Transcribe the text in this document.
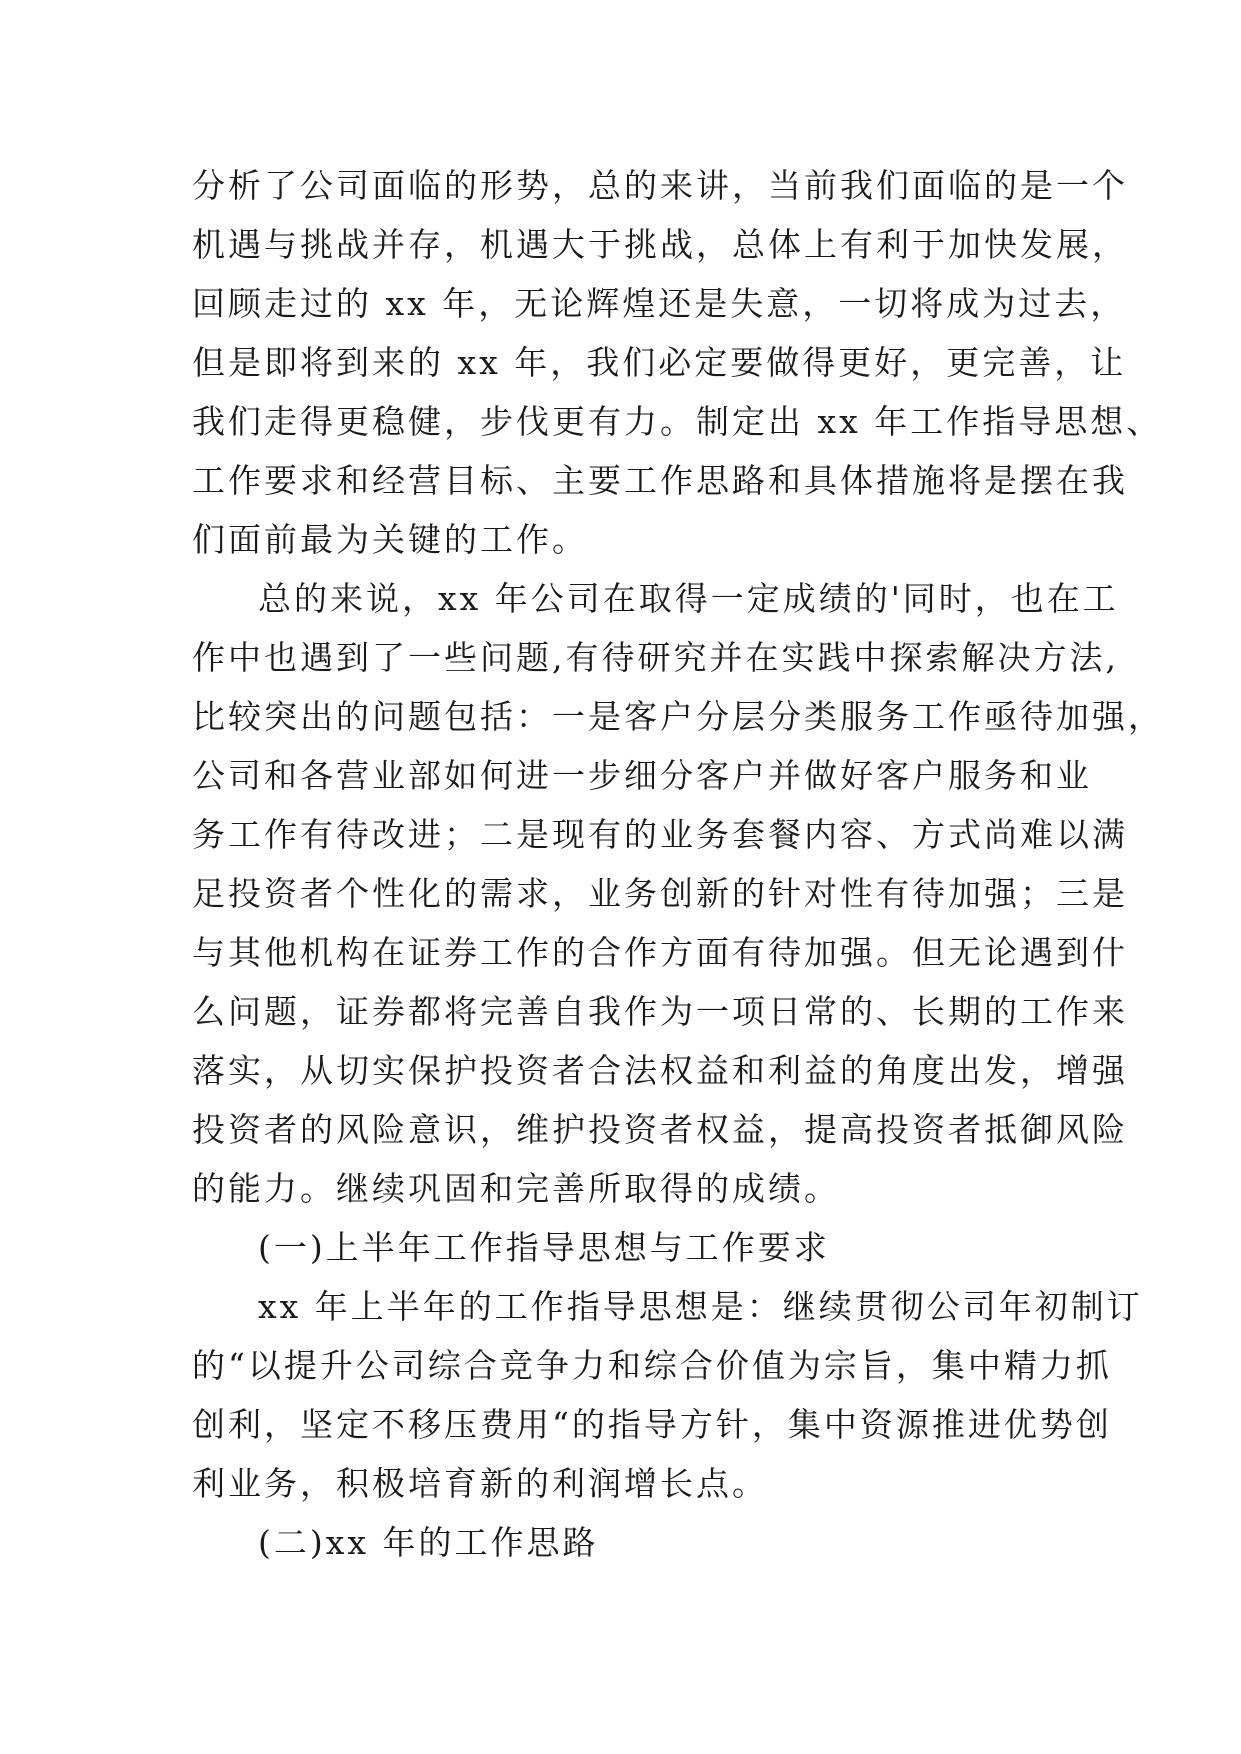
分析了公司面临的形势，总的来讲，当前我们面临的是一个
机遇与挑战并存，机遇大于挑战，总体上有利于加快发展，
回顾走过的 xx 年，无论辉煌还是失意，一切将成为过去，
但是即将到来的 xx 年，我们必定要做得更好，更完善，让
我们走得更稳健，步伐更有力。制定出 xx 年工作指导思想、
工作要求和经营目标、主要工作思路和具体措施将是摆在我
们面前最为关键的工作。
总的来说，xx 年公司在取得一定成绩的'同时，也在工
作中也遇到了一些问题,有待研究并在实践中探索解决方法,
比较突出的问题包括：一是客户分层分类服务工作亟待加强，
公司和各营业部如何进一步细分客户并做好客户服务和业
务工作有待改进；二是现有的业务套餐内容、方式尚难以满
足投资者个性化的需求，业务创新的针对性有待加强；三是
与其他机构在证券工作的合作方面有待加强。但无论遇到什
么问题，证券都将完善自我作为一项日常的、长期的工作来
落实，从切实保护投资者合法权益和利益的角度出发，增强
投资者的风险意识，维护投资者权益，提高投资者抵御风险
的能力。继续巩固和完善所取得的成绩。
(一)上半年工作指导思想与工作要求
xx 年上半年的工作指导思想是：继续贯彻公司年初制订
的“以提升公司综合竞争力和综合价值为宗旨，集中精力抓
创利，坚定不移压费用“的指导方针，集中资源推进优势创
利业务，积极培育新的利润增长点。
(二)xx 年的工作思路
